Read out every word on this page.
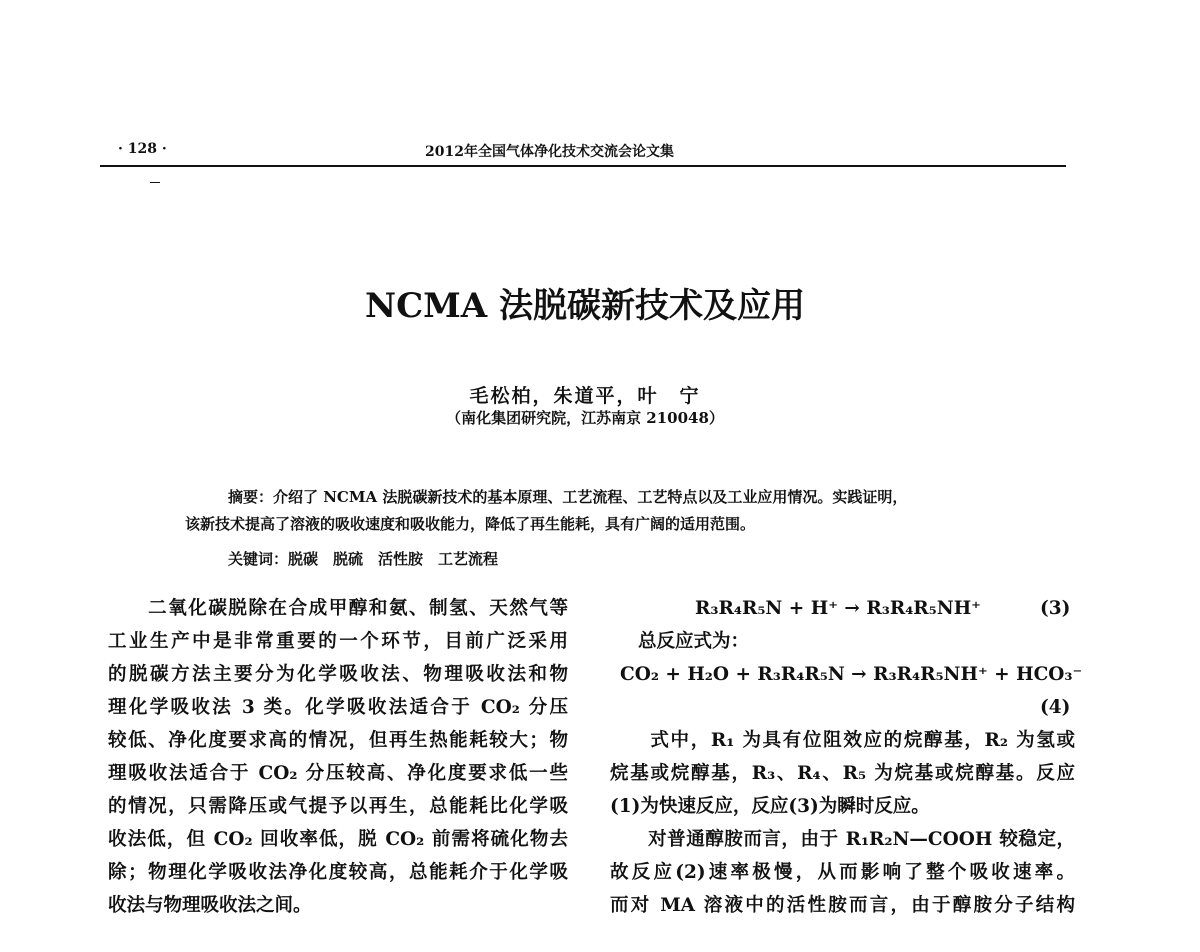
· 128 ·	2012年全国气体净化技术交流会论文集
NCMA 法脱碳新技术及应用
毛松柏，朱道平，叶　宁
（南化集团研究院，江苏南京 210048）
摘要：介绍了 NCMA 法脱碳新技术的基本原理、工艺流程、工艺特点以及工业应用情况。实践证明，
该新技术提高了溶液的吸收速度和吸收能力，降低了再生能耗，具有广阔的适用范围。
关键词：脱碳　脱硫　活性胺　工艺流程
　　二氧化碳脱除在合成甲醇和氨、制氢、天然气等
工业生产中是非常重要的一个环节，目前广泛采用
的脱碳方法主要分为化学吸收法、物理吸收法和物
理化学吸收法 3 类。化学吸收法适合于 CO₂ 分压
较低、净化度要求高的情况，但再生热能耗较大；物
理吸收法适合于 CO₂ 分压较高、净化度要求低一些
的情况，只需降压或气提予以再生，总能耗比化学吸
收法低，但 CO₂ 回收率低，脱 CO₂ 前需将硫化物去
除；物理化学吸收法净化度较高，总能耗介于化学吸
收法与物理吸收法之间。
R₃R₄R₅N + H⁺ → R₃R₄R₅NH⁺	(3)
总反应式为：
CO₂ + H₂O + R₃R₄R₅N → R₃R₄R₅NH⁺ + HCO₃⁻
(4)
　　式中，R₁ 为具有位阻效应的烷醇基，R₂ 为氢或
烷基或烷醇基，R₃、R₄、R₅ 为烷基或烷醇基。反应
(1)为快速反应，反应(3)为瞬时反应。
　　对普通醇胺而言，由于 R₁R₂N—COOH 较稳定，
故反应(2)速率极慢，从而影响了整个吸收速率。
而对 MA 溶液中的活性胺而言，由于醇胺分子结构
